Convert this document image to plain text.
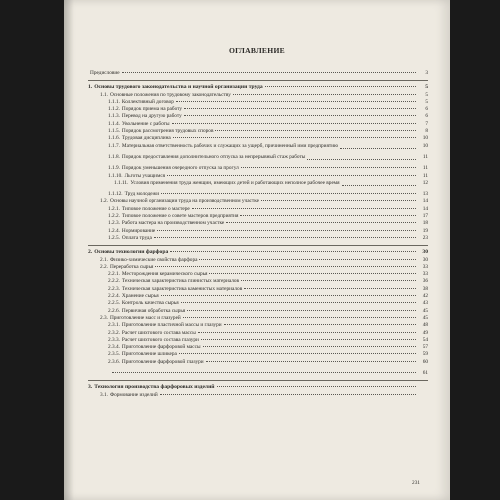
ОГЛАВЛЕНИЕ
Предисловие	3
1. Основы трудового законодательства и научной организации труда	5
1.1. Основные положения по трудовому законодательству	5
1.1.1. Коллективный договор	5
1.1.2. Порядок приема на работу	6
1.1.3. Перевод на другую работу	6
1.1.4. Увольнение с работы	7
1.1.5. Порядок рассмотрения трудовых споров	8
1.1.6. Трудовая дисциплина	10
1.1.7. Материальная ответственность рабочих и служащих за ущерб, причиненный ими предприятию	10
1.1.8. Порядок предоставления дополнительного отпуска за непрерывный стаж работы	11
1.1.9. Порядок уменьшения очередного отпуска за прогул	11
1.1.10. Льготы учащимся	11
1.1.11. Условия применения труда женщин, имеющих детей и работающих неполное рабочее время	12
1.1.12. Труд молодежи	13
1.2. Основы научной организации труда на производственном участке	14
1.2.1. Типовое положение о мастере	14
1.2.2. Типовое положение о совете мастеров предприятия	17
1.2.3. Работа мастера на производственном участке	18
1.2.4. Нормирование	19
1.2.5. Оплата труда	23
2. Основы технологии фарфора	30
2.1. Физико-химические свойства фарфора	30
2.2. Переработка сырья	33
2.2.1. Месторождения керамического сырья	33
2.2.2. Техническая характеристика глинистых материалов	36
2.2.3. Техническая характеристика каменистых материалов	38
2.2.4. Хранение сырья	42
2.2.5. Контроль качества сырья	43
2.2.6. Первичная обработка сырья	45
2.3. Приготовление масс и глазурей	45
2.3.1. Приготовление пластичной массы и глазури	48
2.3.2. Расчет шихтового состава массы	49
2.3.3. Расчет шихтового состава глазури	54
2.3.4. Приготовление фарфоровой массы	57
2.3.5. Приготовление шликера	59
2.3.6. Приготовление фарфоровой глазури	60
61
3. Технология производства фарфоровых изделий
3.1. Формование изделий
231
